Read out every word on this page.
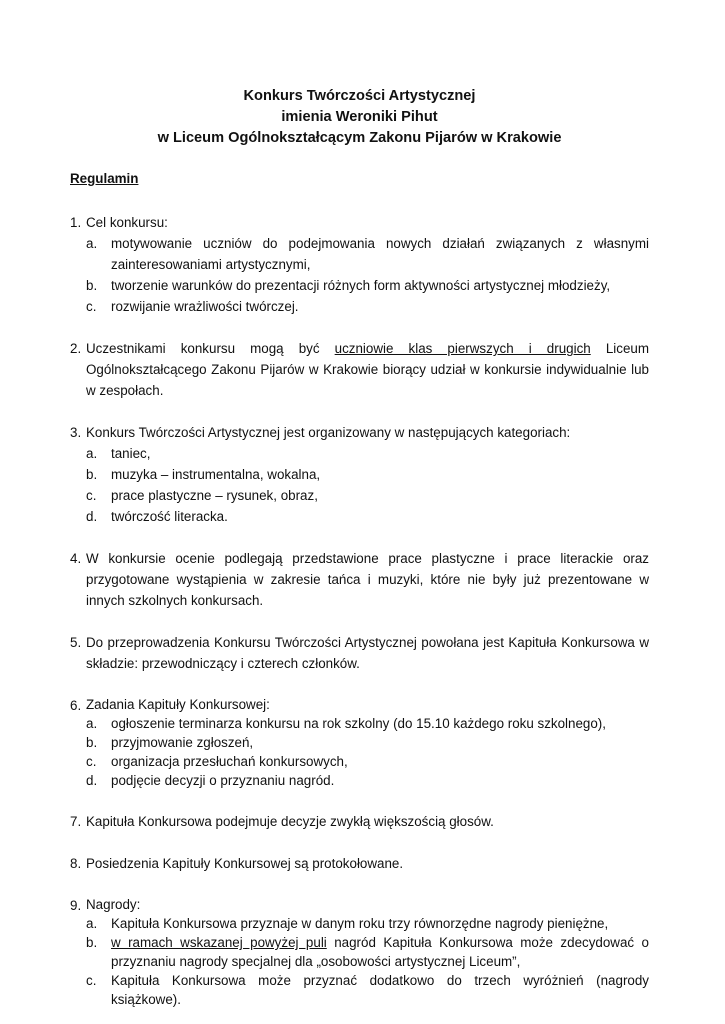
Konkurs Twórczości Artystycznej
imienia Weroniki Pihut
w Liceum Ogólnokształcącym Zakonu Pijarów w Krakowie
Regulamin
1. Cel konkursu:
a. motywowanie uczniów do podejmowania nowych działań związanych z własnymi zainteresowaniami artystycznymi,
b. tworzenie warunków do prezentacji różnych form aktywności artystycznej młodzieży,
c. rozwijanie wrażliwości twórczej.
2. Uczestnikami konkursu mogą być uczniowie klas pierwszych i drugich Liceum Ogólnokształcącego Zakonu Pijarów w Krakowie biorący udział w konkursie indywidualnie lub w zespołach.
3. Konkurs Twórczości Artystycznej jest organizowany w następujących kategoriach:
a. taniec,
b. muzyka – instrumentalna, wokalna,
c. prace plastyczne – rysunek, obraz,
d. twórczość literacka.
4. W konkursie ocenie podlegają przedstawione prace plastyczne i prace literackie oraz przygotowane wystąpienia w zakresie tańca i muzyki, które nie były już prezentowane w innych szkolnych konkursach.
5. Do przeprowadzenia Konkursu Twórczości Artystycznej powołana jest Kapituła Konkursowa w składzie: przewodniczący i czterech członków.
6. Zadania Kapituły Konkursowej:
a. ogłoszenie terminarza konkursu na rok szkolny (do 15.10 każdego roku szkolnego),
b. przyjmowanie zgłoszeń,
c. organizacja przesłuchań konkursowych,
d. podjęcie decyzji o przyznaniu nagród.
7. Kapituła Konkursowa podejmuje decyzje zwykłą większością głosów.
8. Posiedzenia Kapituły Konkursowej są protokołowane.
9. Nagrody:
a. Kapituła Konkursowa przyznaje w danym roku trzy równorzędne nagrody pieniężne,
b. w ramach wskazanej powyżej puli nagród Kapituła Konkursowa może zdecydować o przyznaniu nagrody specjalnej dla „osobowości artystycznej Liceum”,
c. Kapituła Konkursowa może przyznać dodatkowo do trzech wyróżnień (nagrody książkowe).
